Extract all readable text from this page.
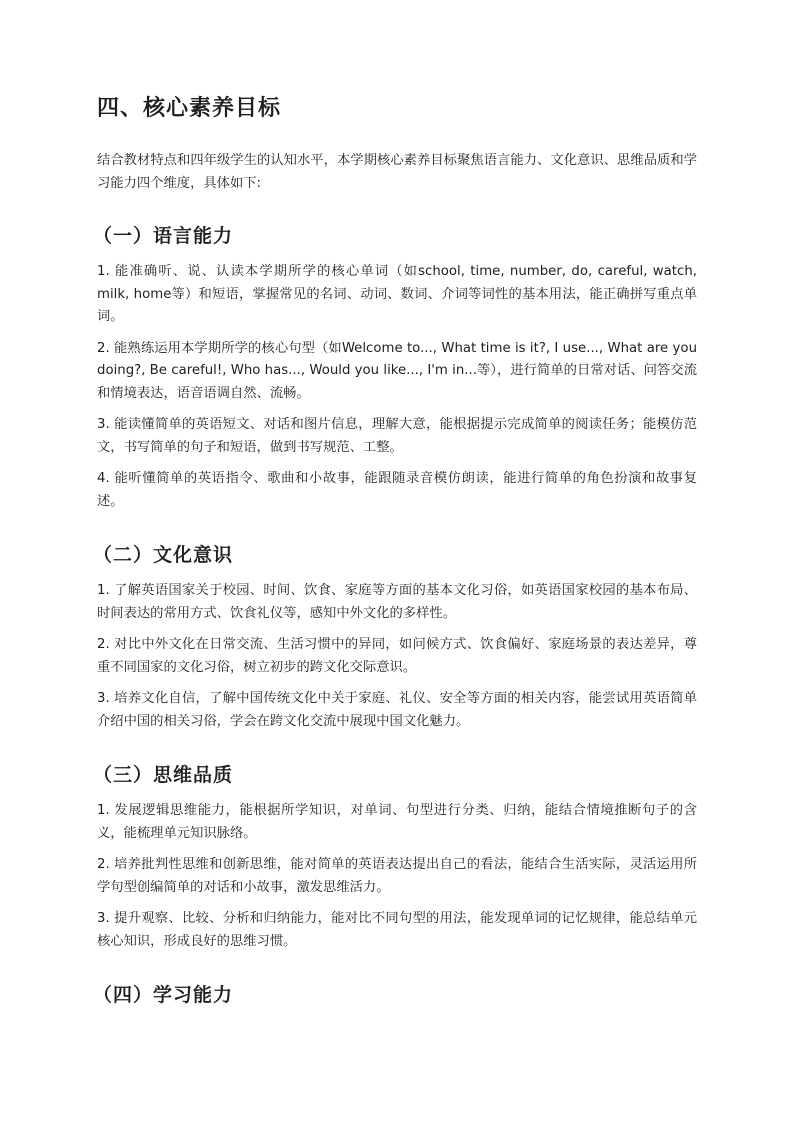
四、核心素养目标

结合教材特点和四年级学生的认知水平，本学期核心素养目标聚焦语言能力、文化意识、思维品质和学习能力四个维度，具体如下:

（一）语言能力

1. 能准确听、说、认读本学期所学的核心单词（如school, time, number, do, careful, watch, milk, home等）和短语，掌握常见的名词、动词、数词、介词等词性的基本用法，能正确拼写重点单词。

2. 能熟练运用本学期所学的核心句型（如Welcome to..., What time is it?, I use..., What are you doing?, Be careful!, Who has..., Would you like..., I'm in...等），进行简单的日常对话、问答交流和情境表达，语音语调自然、流畅。

3. 能读懂简单的英语短文、对话和图片信息，理解大意，能根据提示完成简单的阅读任务；能模仿范文，书写简单的句子和短语，做到书写规范、工整。

4. 能听懂简单的英语指令、歌曲和小故事，能跟随录音模仿朗读，能进行简单的角色扮演和故事复述。

（二）文化意识

1. 了解英语国家关于校园、时间、饮食、家庭等方面的基本文化习俗，如英语国家校园的基本布局、时间表达的常用方式、饮食礼仪等，感知中外文化的多样性。

2. 对比中外文化在日常交流、生活习惯中的异同，如问候方式、饮食偏好、家庭场景的表达差异，尊重不同国家的文化习俗，树立初步的跨文化交际意识。

3. 培养文化自信，了解中国传统文化中关于家庭、礼仪、安全等方面的相关内容，能尝试用英语简单介绍中国的相关习俗，学会在跨文化交流中展现中国文化魅力。

（三）思维品质

1. 发展逻辑思维能力，能根据所学知识，对单词、句型进行分类、归纳，能结合情境推断句子的含义，能梳理单元知识脉络。

2. 培养批判性思维和创新思维，能对简单的英语表达提出自己的看法，能结合生活实际，灵活运用所学句型创编简单的对话和小故事，激发思维活力。

3. 提升观察、比较、分析和归纳能力，能对比不同句型的用法，能发现单词的记忆规律，能总结单元核心知识，形成良好的思维习惯。

（四）学习能力
